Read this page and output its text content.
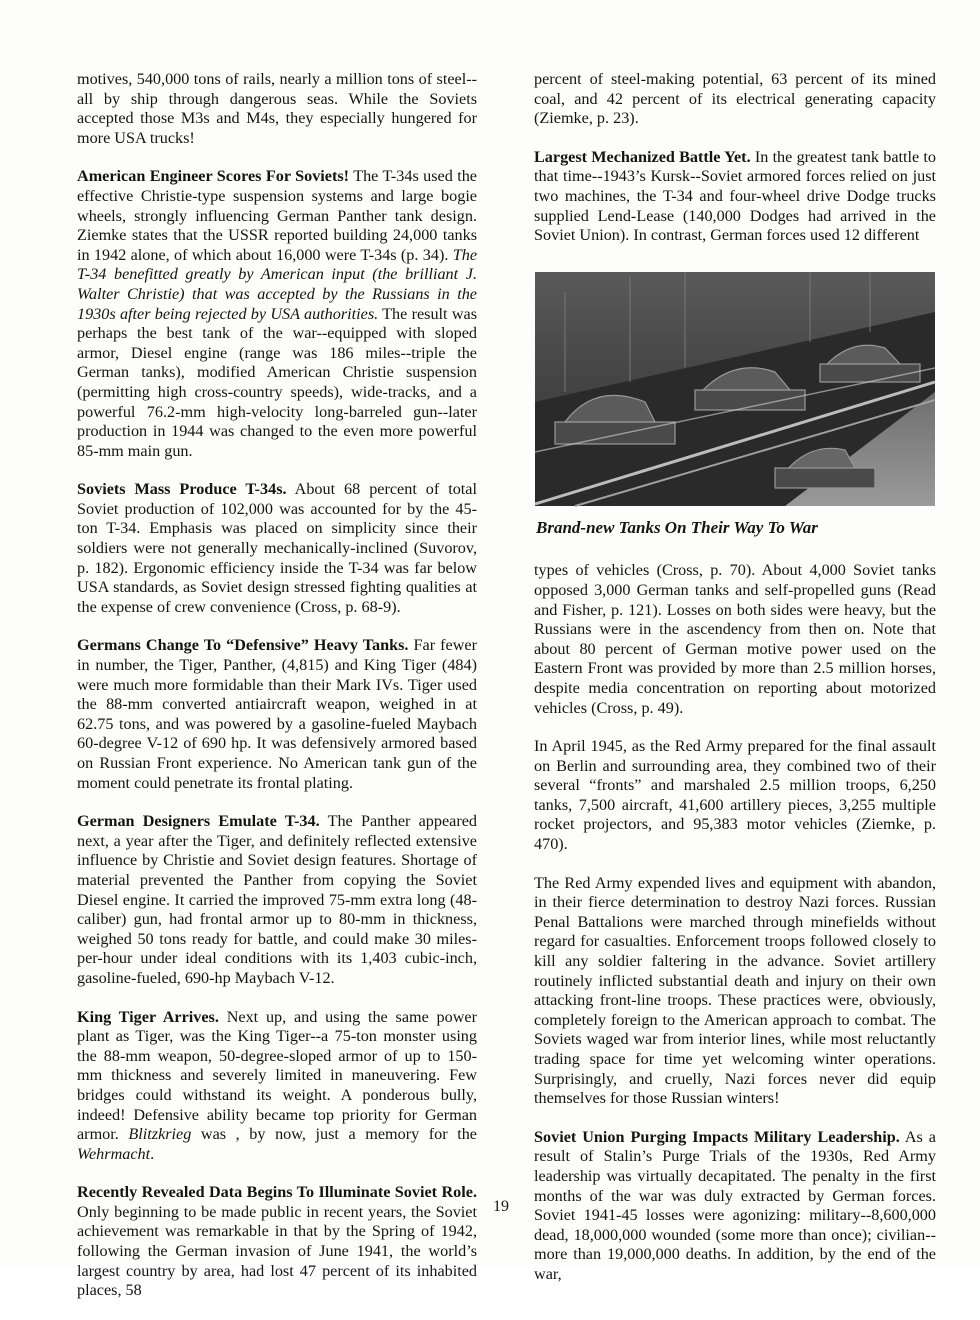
motives, 540,000 tons of rails, nearly a million tons of steel--all by ship through dangerous seas. While the Soviets accepted those M3s and M4s, they especially hungered for more USA trucks!

American Engineer Scores For Soviets! The T-34s used the effective Christie-type suspension systems and large bogie wheels, strongly influencing German Panther tank design. Ziemke states that the USSR reported building 24,000 tanks in 1942 alone, of which about 16,000 were T-34s (p. 34). The T-34 benefitted greatly by American input (the brilliant J. Walter Christie) that was accepted by the Russians in the 1930s after being rejected by USA authorities. The result was perhaps the best tank of the war--equipped with sloped armor, Diesel engine (range was 186 miles--triple the German tanks), modified American Christie suspension (permitting high cross-country speeds), wide-tracks, and a powerful 76.2-mm high-velocity long-barreled gun--later production in 1944 was changed to the even more powerful 85-mm main gun.

Soviets Mass Produce T-34s. About 68 percent of total Soviet production of 102,000 was accounted for by the 45-ton T-34. Emphasis was placed on simplicity since their soldiers were not generally mechanically-inclined (Suvorov, p. 182). Ergonomic efficiency inside the T-34 was far below USA standards, as Soviet design stressed fighting qualities at the expense of crew convenience (Cross, p. 68-9).

Germans Change To “Defensive” Heavy Tanks. Far fewer in number, the Tiger, Panther, (4,815) and King Tiger (484) were much more formidable than their Mark IVs. Tiger used the 88-mm converted antiaircraft weapon, weighed in at 62.75 tons, and was powered by a gasoline-fueled Maybach 60-degree V-12 of 690 hp. It was defensively armored based on Russian Front experience. No American tank gun of the moment could penetrate its frontal plating.

German Designers Emulate T-34. The Panther appeared next, a year after the Tiger, and definitely reflected extensive influence by Christie and Soviet design features. Shortage of material prevented the Panther from copying the Soviet Diesel engine. It carried the improved 75-mm extra long (48-caliber) gun, had frontal armor up to 80-mm in thickness, weighed 50 tons ready for battle, and could make 30 miles-per-hour under ideal conditions with its 1,403 cubic-inch, gasoline-fueled, 690-hp Maybach V-12.

King Tiger Arrives. Next up, and using the same power plant as Tiger, was the King Tiger--a 75-ton monster using the 88-mm weapon, 50-degree-sloped armor of up to 150-mm thickness and severely limited in maneuvering. Few bridges could withstand its weight. A ponderous bully, indeed! Defensive ability became top priority for German armor. Blitzkrieg was , by now, just a memory for the Wehrmacht.

Recently Revealed Data Begins To Illuminate Soviet Role. Only beginning to be made public in recent years, the Soviet achievement was remarkable in that by the Spring of 1942, following the German invasion of June 1941, the world’s largest country by area, had lost 47 percent of its inhabited places, 58

19

percent of steel-making potential, 63 percent of its mined coal, and 42 percent of its electrical generating capacity (Ziemke, p. 23).

Largest Mechanized Battle Yet. In the greatest tank battle to that time--1943’s Kursk--Soviet armored forces relied on just two machines, the T-34 and four-wheel drive Dodge trucks supplied Lend-Lease (140,000 Dodges had arrived in the Soviet Union). In contrast, German forces used 12 different

Brand-new Tanks On Their Way To War

types of vehicles (Cross, p. 70). About 4,000 Soviet tanks opposed 3,000 German tanks and self-propelled guns (Read and Fisher, p. 121). Losses on both sides were heavy, but the Russians were in the ascendency from then on. Note that about 80 percent of German motive power used on the Eastern Front was provided by more than 2.5 million horses, despite media concentration on reporting about motorized vehicles (Cross, p. 49).

In April 1945, as the Red Army prepared for the final assault on Berlin and surrounding area, they combined two of their several “fronts” and marshaled 2.5 million troops, 6,250 tanks, 7,500 aircraft, 41,600 artillery pieces, 3,255 multiple rocket projectors, and 95,383 motor vehicles (Ziemke, p. 470).

The Red Army expended lives and equipment with abandon, in their fierce determination to destroy Nazi forces. Russian Penal Battalions were marched through minefields without regard for casualties. Enforcement troops followed closely to kill any soldier faltering in the advance. Soviet artillery routinely inflicted substantial death and injury on their own attacking front-line troops. These practices were, obviously, completely foreign to the American approach to combat. The Soviets waged war from interior lines, while most reluctantly trading space for time yet welcoming winter operations. Surprisingly, and cruelly, Nazi forces never did equip themselves for those Russian winters!

Soviet Union Purging Impacts Military Leadership. As a result of Stalin’s Purge Trials of the 1930s, Red Army leadership was virtually decapitated. The penalty in the first months of the war was duly extracted by German forces. Soviet 1941-45 losses were agonizing: military--8,600,000 dead, 18,000,000 wounded (some more than once); civilian--more than 19,000,000 deaths. In addition, by the end of the war,
